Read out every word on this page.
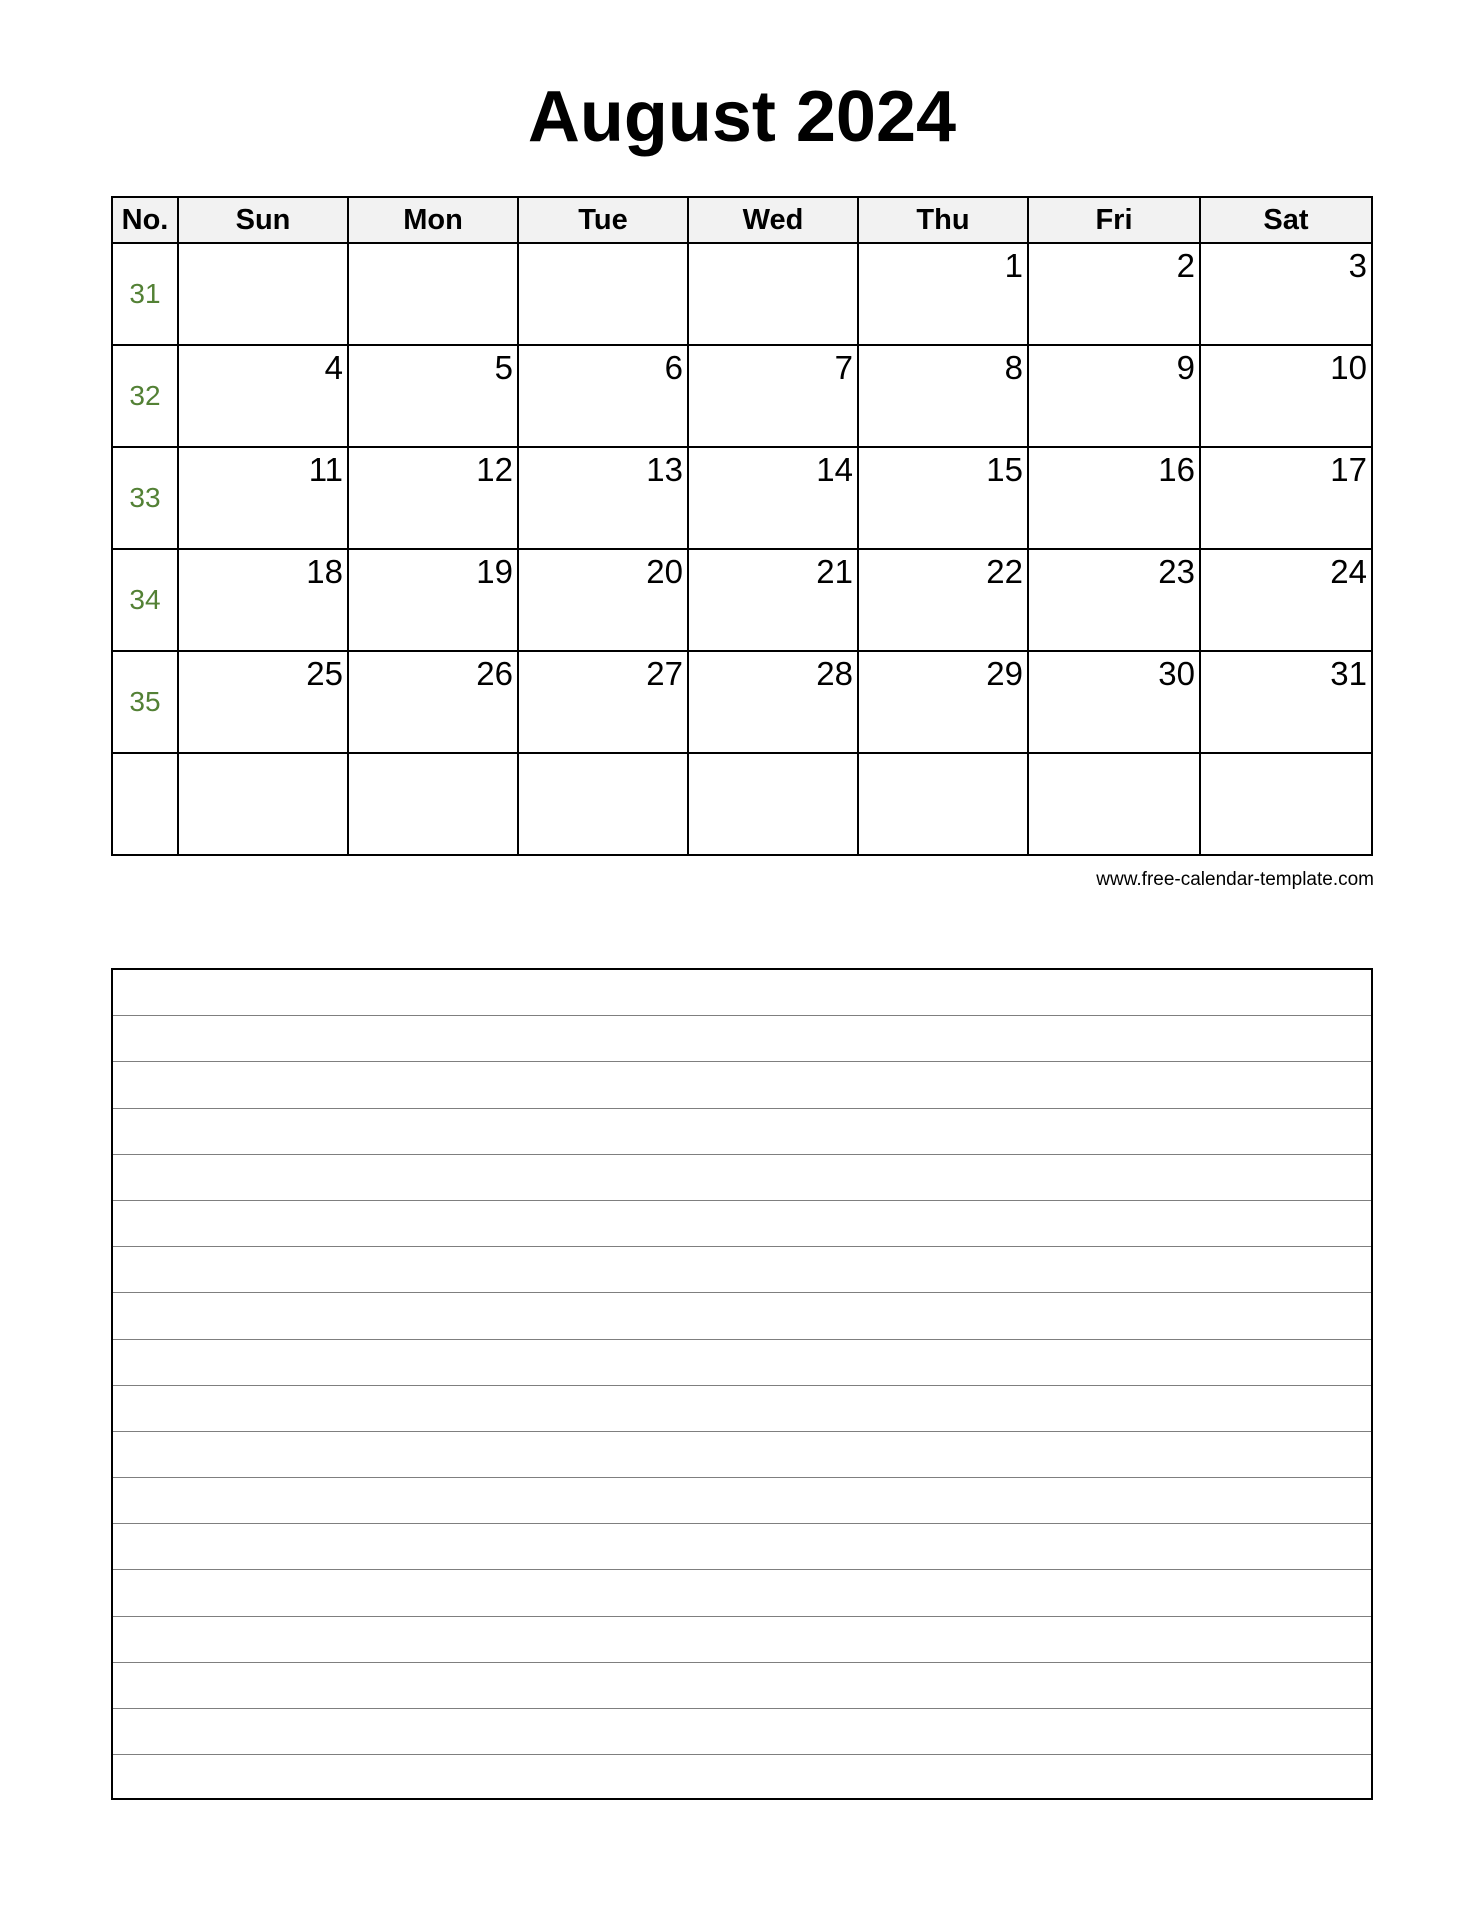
August 2024
No.	Sun	Mon	Tue	Wed	Thu	Fri	Sat
31					1	2	3

32	4	5	6	7	8	9	10

33	11	12	13	14	15	16	17

34	18	19	20	21	22	23	24

35	25	26	27	28	29	30	31

www.free-calendar-template.com
